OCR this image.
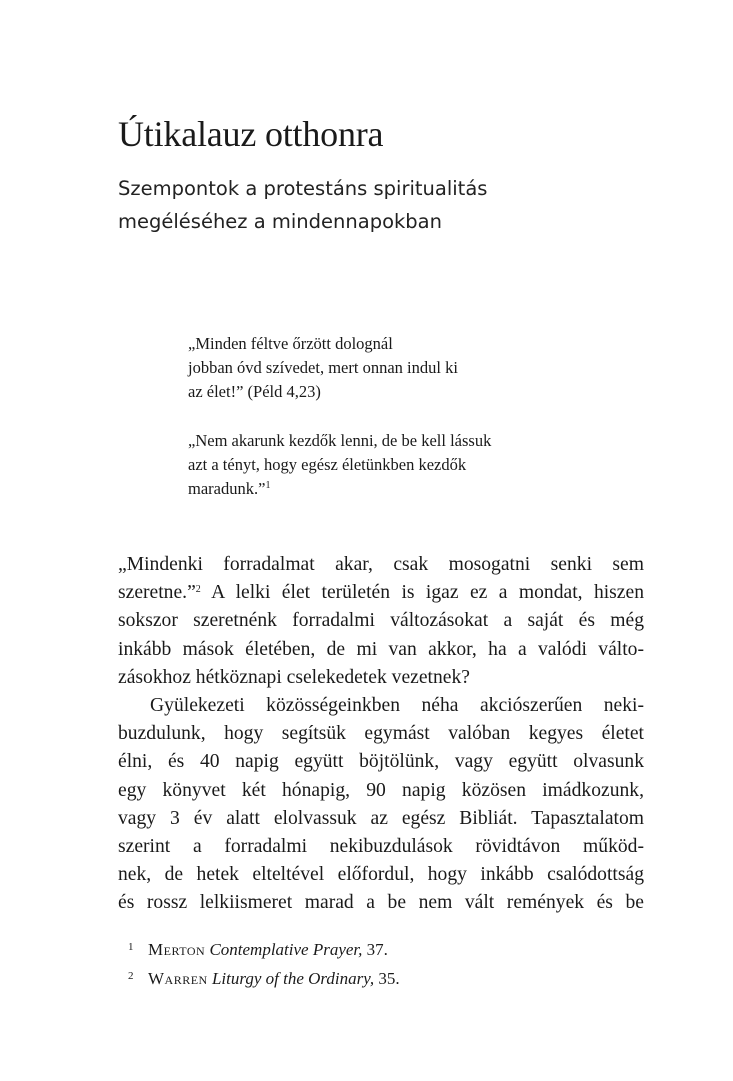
Útikalauz otthonra
Szempontok a protestáns spiritualitás
megéléséhez a mindennapokban

„Minden féltve őrzött dolognál
jobban óvd szívedet, mert onnan indul ki
az élet!” (Péld 4,23)

„Nem akarunk kezdők lenni, de be kell lássuk
azt a tényt, hogy egész életünkben kezdők
maradunk.”$^1$

„Mindenki forradalmat akar, csak mosogatni senki sem
szeretne.”$^2$ A lelki élet területén is igaz ez a mondat, hiszen
sokszor szeretnénk forradalmi változásokat a saját és még
inkább mások életében, de mi van akkor, ha a valódi válto-
zásokhoz hétköznapi cselekedetek vezetnek?
Gyülekezeti közösségeinkben néha akciószerűen neki-
buzdulunk, hogy segítsük egymást valóban kegyes életet
élni, és 40 napig együtt böjtölünk, vagy együtt olvasunk
egy könyvet két hónapig, 90 napig közösen imádkozunk,
vagy 3 év alatt elolvassuk az egész Bibliát. Tapasztalatom
szerint a forradalmi nekibuzdulások rövidtávon működ-
nek, de hetek elteltével előfordul, hogy inkább csalódottság
és rossz lelkiismeret marad a be nem vált remények és be
1 Merton Contemplative Prayer, 37.
2 Warren Liturgy of the Ordinary, 35.
